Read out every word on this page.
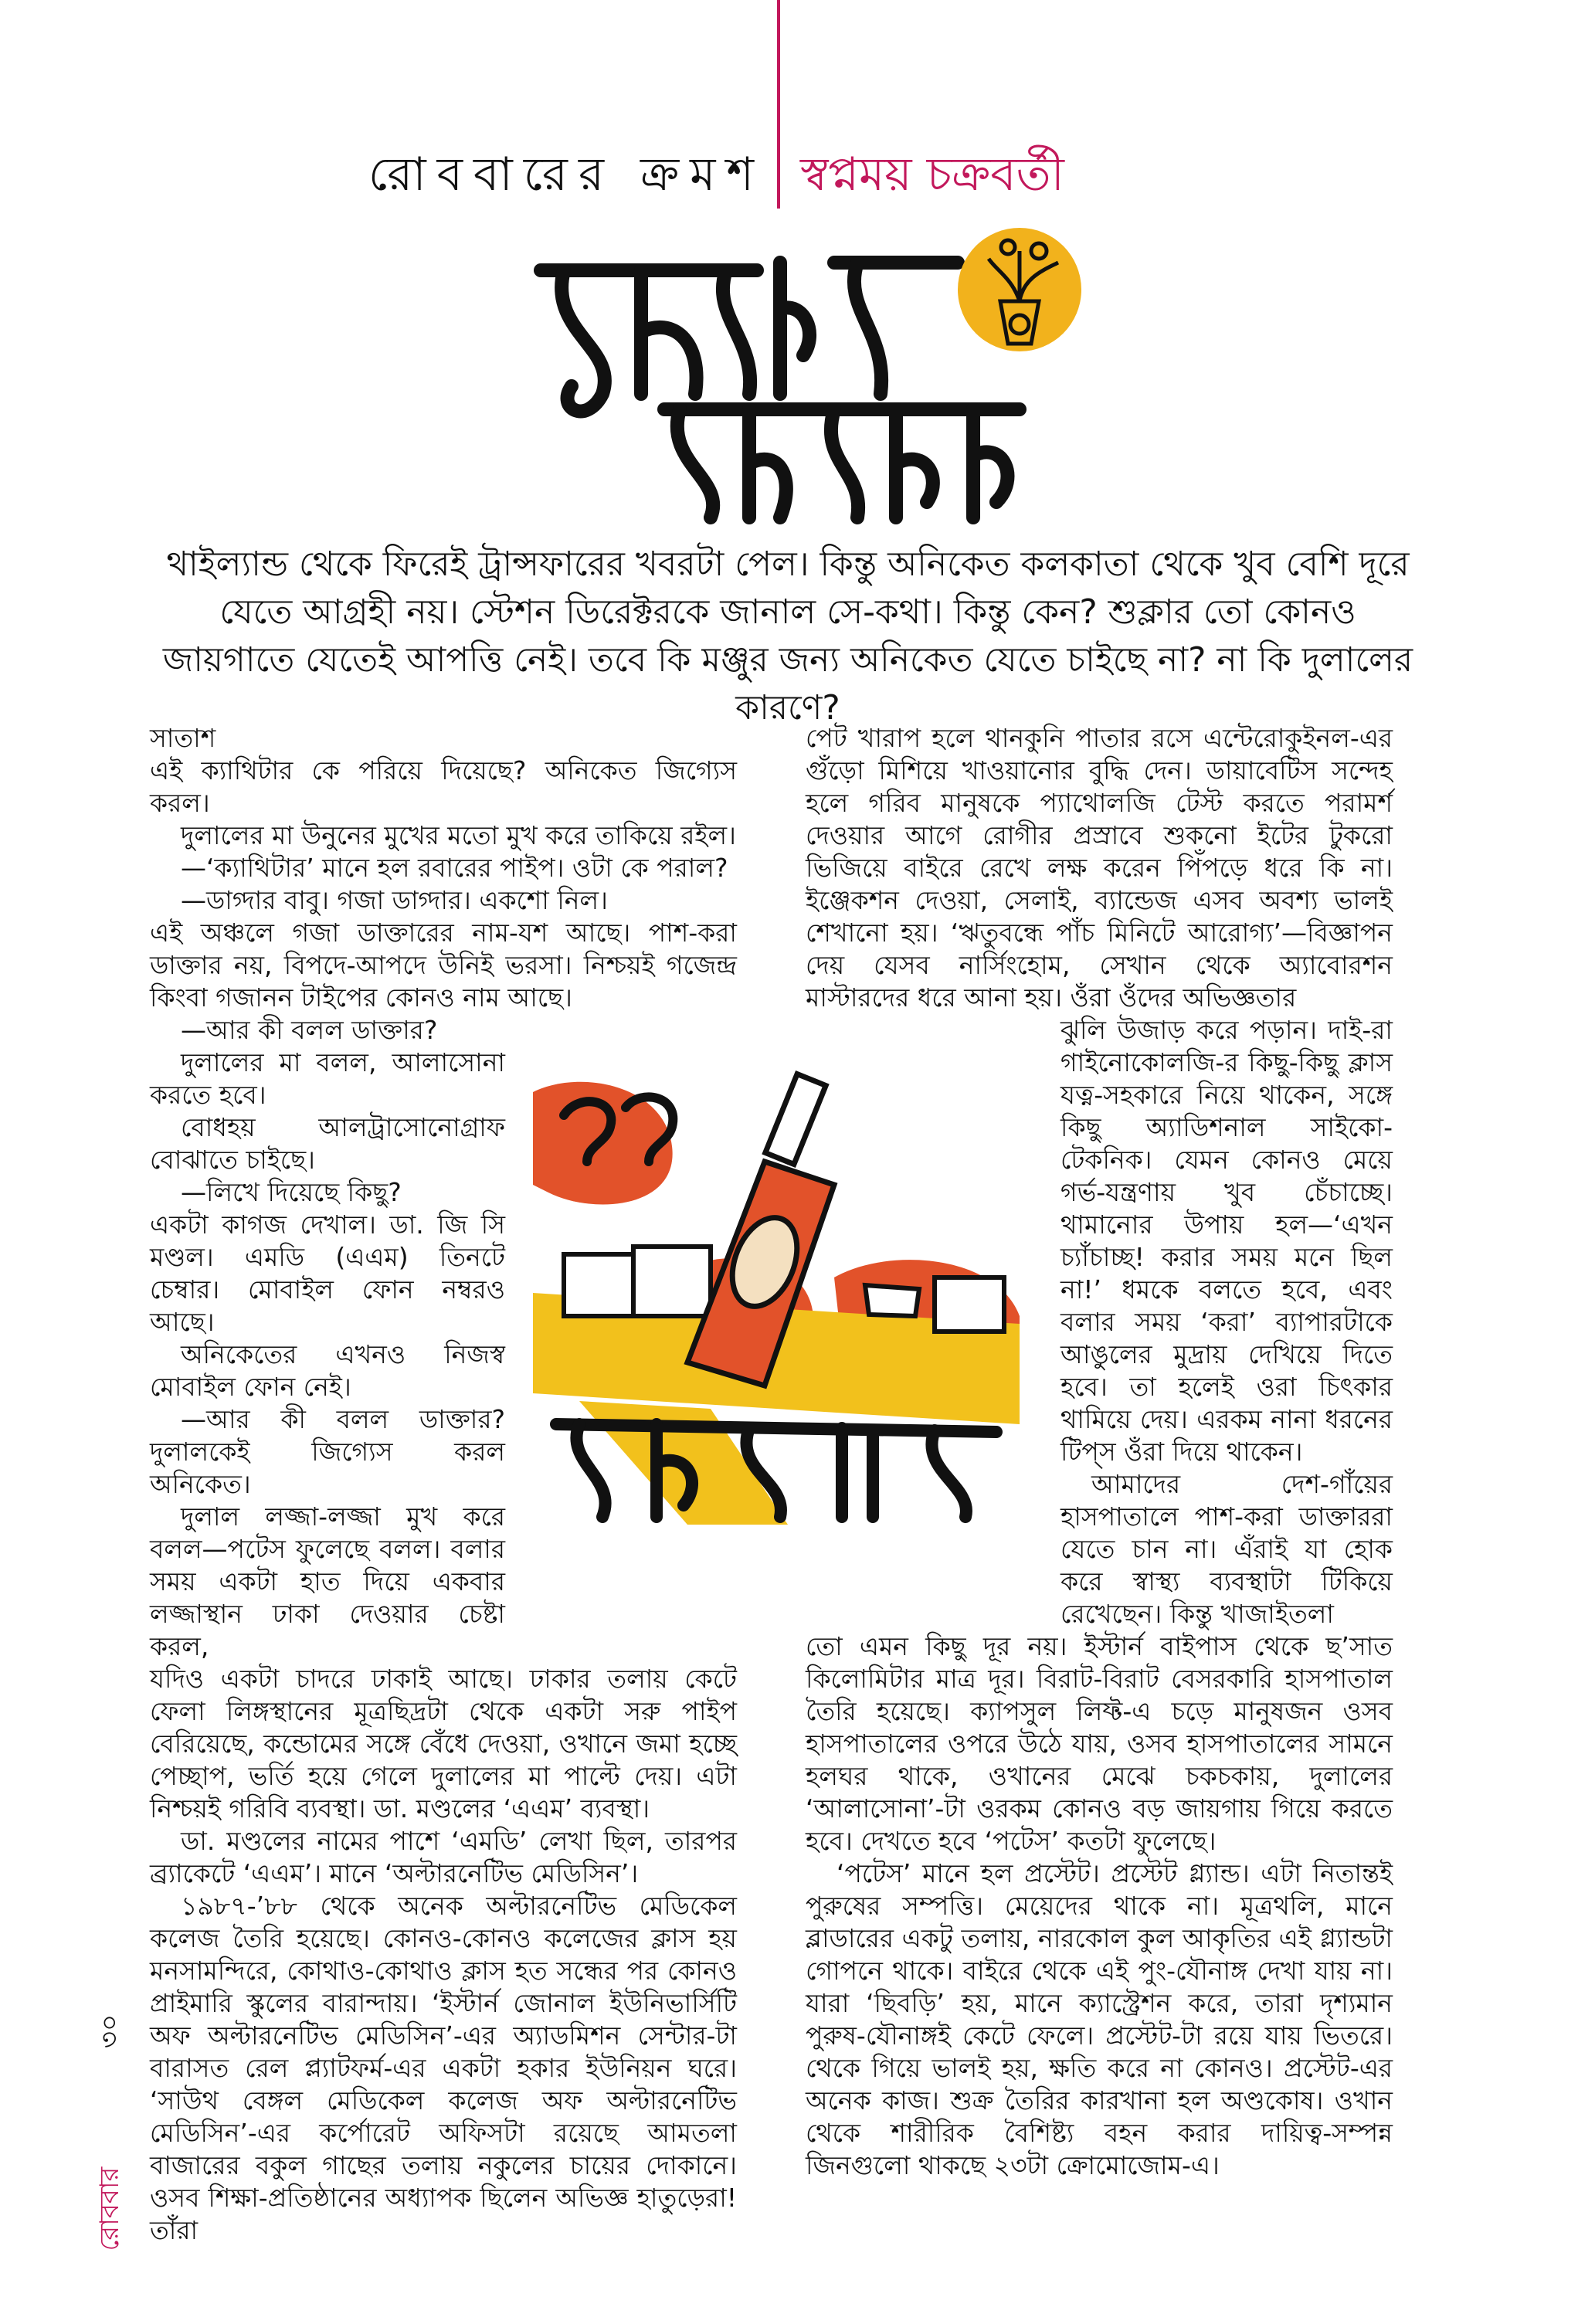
রোববারের ক্রমশ স্বপ্নময় চক্রবর্তী
থাইল্যান্ড থেকে ফিরেই ট্রান্সফারের খবরটা পেল। কিন্তু অনিকেত কলকাতা থেকে খুব বেশি দূরে যেতে আগ্রহী নয়। স্টেশন ডিরেক্টরকে জানাল সে-কথা। কিন্তু কেন? শুক্লার তো কোনও জায়গাতে যেতেই আপত্তি নেই। তবে কি মঞ্জুর জন্য অনিকেত যেতে চাইছে না? না কি দুলালের কারণে?

সাতাশ

এই ক্যাথিটার কে পরিয়ে দিয়েছে? অনিকেত জিগ্যেস করল।

দুলালের মা উনুনের মুখের মতো মুখ করে তাকিয়ে রইল।

—‘ক্যাথিটার’ মানে হল রবারের পাইপ। ওটা কে পরাল?

—ডাগ্দার বাবু। গজা ডাগ্দার। একশো নিল।

এই অঞ্চলে গজা ডাক্তারের নাম-যশ আছে। পাশ-করা ডাক্তার নয়, বিপদে-আপদে উনিই ভরসা। নিশ্চয়ই গজেন্দ্র কিংবা গজানন টাইপের কোনও নাম আছে।

—আর কী বলল ডাক্তার?

দুলালের মা বলল, আলাসোনা করতে হবে।

বোধহয় আলট্রাসোনোগ্রাফ বোঝাতে চাইছে।

—লিখে দিয়েছে কিছু?

একটা কাগজ দেখাল। ডা. জি সি মণ্ডল। এমডি (এএম) তিনটে চেম্বার। মোবাইল ফোন নম্বরও আছে।

অনিকেতের এখনও নিজস্ব মোবাইল ফোন নেই।

—আর কী বলল ডাক্তার? দুলালকেই জিগ্যেস করল অনিকেত।

দুলাল লজ্জা-লজ্জা মুখ করে বলল—পটেস ফুলেছে বলল। বলার সময় একটা হাত দিয়ে একবার লজ্জাস্থান ঢাকা দেওয়ার চেষ্টা করল,

যদিও একটা চাদরে ঢাকাই আছে। ঢাকার তলায় কেটে ফেলা লিঙ্গস্থানের মূত্রছিদ্রটা থেকে একটা সরু পাইপ বেরিয়েছে, কন্ডোমের সঙ্গে বেঁধে দেওয়া, ওখানে জমা হচ্ছে পেচ্ছাপ, ভর্তি হয়ে গেলে দুলালের মা পাল্টে দেয়। এটা নিশ্চয়ই গরিবি ব্যবস্থা। ডা. মণ্ডলের ‘এএম’ ব্যবস্থা।

ডা. মণ্ডলের নামের পাশে ‘এমডি’ লেখা ছিল, তারপর ব্র্যাকেটে ‘এএম’। মানে ‘অল্টারনেটিভ মেডিসিন’।

১৯৮৭-’৮৮ থেকে অনেক অল্টারনেটিভ মেডিকেল কলেজ তৈরি হয়েছে। কোনও-কোনও কলেজের ক্লাস হয় মনসামন্দিরে, কোথাও-কোথাও ক্লাস হত সন্ধের পর কোনও প্রাইমারি স্কুলের বারান্দায়। ‘ইস্টার্ন জোনাল ইউনিভার্সিটি অফ অল্টারনেটিভ মেডিসিন’-এর অ্যাডমিশন সেন্টার-টা বারাসত রেল প্ল্যাটফর্ম-এর একটা হকার ইউনিয়ন ঘরে। ‘সাউথ বেঙ্গল মেডিকেল কলেজ অফ অল্টারনেটিভ মেডিসিন’-এর কর্পোরেট অফিসটা রয়েছে আমতলা বাজারের বকুল গাছের তলায় নকুলের চায়ের দোকানে। ওসব শিক্ষা-প্রতিষ্ঠানের অধ্যাপক ছিলেন অভিজ্ঞ হাতুড়েরা! তাঁরা

পেট খারাপ হলে থানকুনি পাতার রসে এন্টেরোকুইনল-এর গুঁড়ো মিশিয়ে খাওয়ানোর বুদ্ধি দেন। ডায়াবেটিস সন্দেহ হলে গরিব মানুষকে প্যাথোলজি টেস্ট করতে পরামর্শ দেওয়ার আগে রোগীর প্রস্রাবে শুকনো ইটের টুকরো ভিজিয়ে বাইরে রেখে লক্ষ করেন পিঁপড়ে ধরে কি না। ইঞ্জেকশন দেওয়া, সেলাই, ব্যান্ডেজ এসব অবশ্য ভালই শেখানো হয়। ‘ঋতুবন্ধে পাঁচ মিনিটে আরোগ্য’—বিজ্ঞাপন দেয় যেসব নার্সিংহোম, সেখান থেকে অ্যাবোরশন মাস্টারদের ধরে আনা হয়। ওঁরা ওঁদের অভিজ্ঞতার

ঝুলি উজাড় করে পড়ান। দাই-রা গাইনোকোলজি-র কিছু-কিছু ক্লাস যত্ন-সহকারে নিয়ে থাকেন, সঙ্গে কিছু অ্যাডিশনাল সাইকো-টেকনিক। যেমন কোনও মেয়ে গর্ভ-যন্ত্রণায় খুব চেঁচাচ্ছে। থামানোর উপায় হল—‘এখন চ্যাঁচাচ্ছ! করার সময় মনে ছিল না!’ ধমকে বলতে হবে, এবং বলার সময় ‘করা’ ব্যাপারটাকে আঙুলের মুদ্রায় দেখিয়ে দিতে হবে। তা হলেই ওরা চিৎকার থামিয়ে দেয়। এরকম নানা ধরনের টিপ্‌স ওঁরা দিয়ে থাকেন।

আমাদের দেশ-গাঁয়ের হাসপাতালে পাশ-করা ডাক্তাররা যেতে চান না। এঁরাই যা হোক করে স্বাস্থ্য ব্যবস্থাটা টিকিয়ে রেখেছেন। কিন্তু খাজাইতলা

তো এমন কিছু দূর নয়। ইস্টার্ন বাইপাস থেকে ছ’সাত কিলোমিটার মাত্র দূর। বিরাট-বিরাট বেসরকারি হাসপাতাল তৈরি হয়েছে। ক্যাপসুল লিফ্ট-এ চড়ে মানুষজন ওসব হাসপাতালের ওপরে উঠে যায়, ওসব হাসপাতালের সামনে হলঘর থাকে, ওখানের মেঝে চকচকায়, দুলালের ‘আলাসোনা’-টা ওরকম কোনও বড় জায়গায় গিয়ে করতে হবে। দেখতে হবে ‘পটেস’ কতটা ফুলেছে।

‘পটেস’ মানে হল প্রস্টেট। প্রস্টেট গ্ল্যান্ড। এটা নিতান্তই পুরুষের সম্পত্তি। মেয়েদের থাকে না। মূত্রথলি, মানে ব্লাডারের একটু তলায়, নারকোল কুল আকৃতির এই গ্ল্যান্ডটা গোপনে থাকে। বাইরে থেকে এই পুং-যৌনাঙ্গ দেখা যায় না। যারা ‘ছিবড়ি’ হয়, মানে ক্যাস্ট্রেশন করে, তারা দৃশ্যমান পুরুষ-যৌনাঙ্গই কেটে ফেলে। প্রস্টেট-টা রয়ে যায় ভিতরে। থেকে গিয়ে ভালই হয়, ক্ষতি করে না কোনও। প্রস্টেট-এর অনেক কাজ। শুক্র তৈরির কারখানা হল অণ্ডকোষ। ওখান থেকে শারীরিক বৈশিষ্ট্য বহন করার দায়িত্ব-সম্পন্ন জিনগুলো থাকছে ২৩টা ক্রোমোজোম-এ।

৩০
রোববার
